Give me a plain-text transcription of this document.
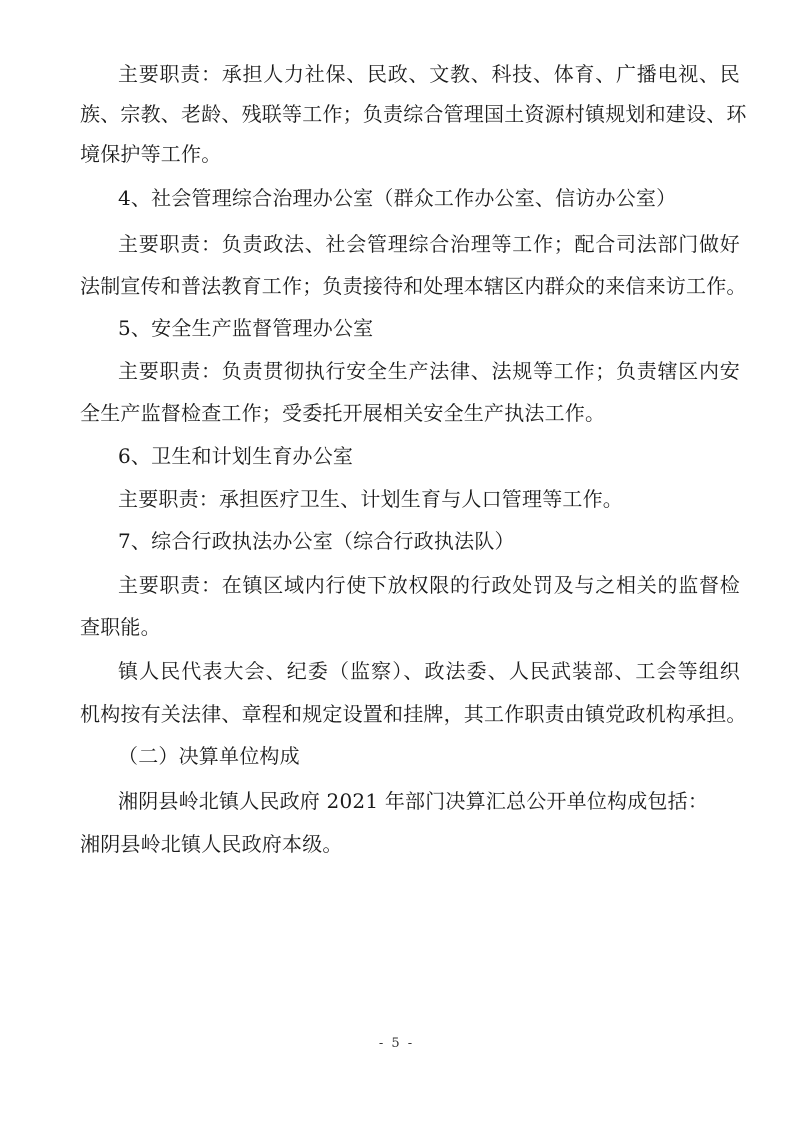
主要职责：承担人力社保、民政、文教、科技、体育、广播电视、民
族、宗教、老龄、残联等工作；负责综合管理国土资源村镇规划和建设、环
境保护等工作。
4、社会管理综合治理办公室（群众工作办公室、信访办公室）
主要职责：负责政法、社会管理综合治理等工作；配合司法部门做好
法制宣传和普法教育工作；负责接待和处理本辖区内群众的来信来访工作。
5、安全生产监督管理办公室
主要职责：负责贯彻执行安全生产法律、法规等工作；负责辖区内安
全生产监督检查工作；受委托开展相关安全生产执法工作。
6、卫生和计划生育办公室
主要职责：承担医疗卫生、计划生育与人口管理等工作。
7、综合行政执法办公室（综合行政执法队）
主要职责：在镇区域内行使下放权限的行政处罚及与之相关的监督检
查职能。
镇人民代表大会、纪委（监察）、政法委、人民武装部、工会等组织
机构按有关法律、章程和规定设置和挂牌，其工作职责由镇党政机构承担。
（二）决算单位构成
湘阴县岭北镇人民政府 2021 年部门决算汇总公开单位构成包括：
湘阴县岭北镇人民政府本级。
- 5 -
